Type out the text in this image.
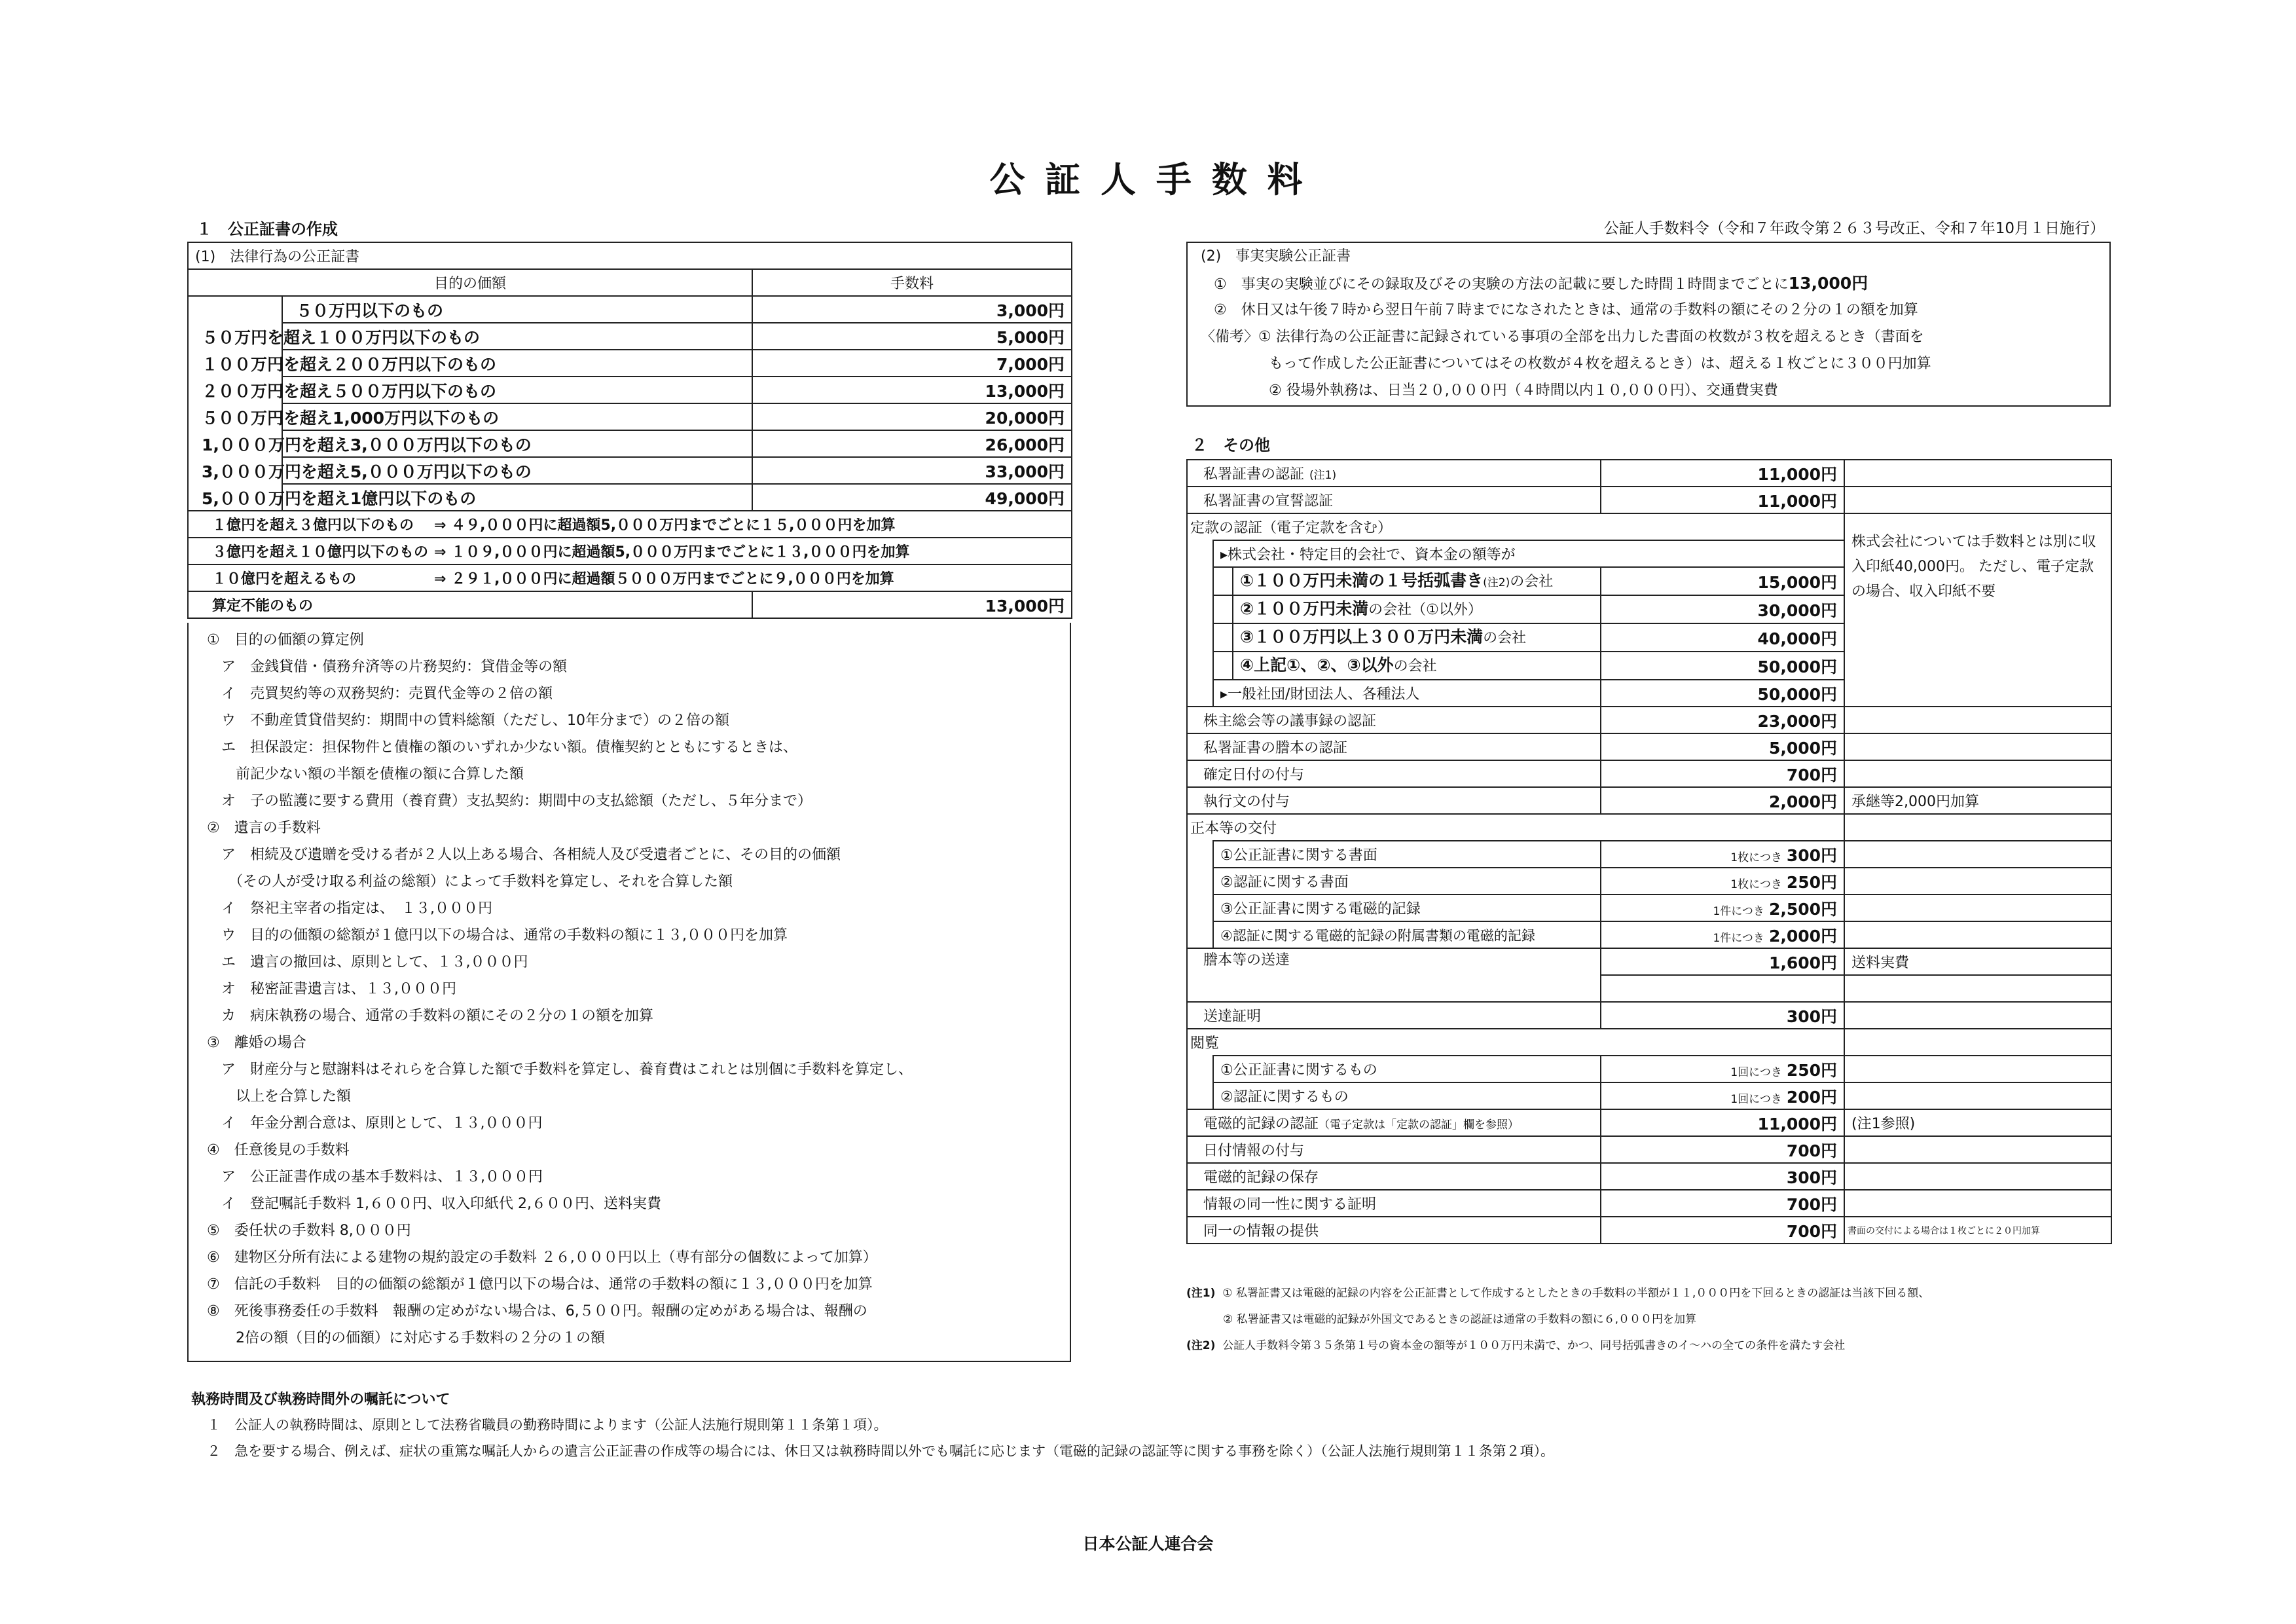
公 証 人 手 数 料
１　公正証書の作成	公証人手数料令（令和７年政令第２６３号改正、令和７年10月１日施行）
(1)　法律行為の公正証書
目的の価額	手数料
	５０万円以下のもの	3,000円
	５０万円を超え１００万円以下のもの	5,000円
	１００万円を超え２００万円以下のもの	7,000円
	２００万円を超え５００万円以下のもの	13,000円
	５００万円を超え1,000万円以下のもの	20,000円
	1,０００万円を超え3,０００万円以下のもの	26,000円
	3,０００万円を超え5,０００万円以下のもの	33,000円
	5,０００万円を超え1億円以下のもの	49,000円
１億円を超え３億円以下のもの ⇒ ４９,０００円に超過額5,０００万円までごとに１５,０００円を加算
３億円を超え１０億円以下のもの ⇒ １０９,０００円に超過額5,０００万円までごとに１３,０００円を加算
１０億円を超えるもの	⇒ ２９１,０００円に超過額５０００万円までごとに９,０００円を加算
算定不能のもの	13,000円
①　目的の価額の算定例
　ア　金銭貸借・債務弁済等の片務契約：貸借金等の額
　イ　売買契約等の双務契約：売買代金等の２倍の額
　ウ　不動産賃貸借契約：期間中の賃料総額（ただし、10年分まで）の２倍の額
　エ　担保設定：担保物件と債権の額のいずれか少ない額。債権契約とともにするときは、
　　前記少ない額の半額を債権の額に合算した額
　オ　子の監護に要する費用（養育費）支払契約：期間中の支払総額（ただし、５年分まで）
②　遺言の手数料
　ア　相続及び遺贈を受ける者が２人以上ある場合、各相続人及び受遺者ごとに、その目的の価額
　　（その人が受け取る利益の総額）によって手数料を算定し、それを合算した額
　イ　祭祀主宰者の指定は、　１３,０００円
　ウ　目的の価額の総額が１億円以下の場合は、通常の手数料の額に１３,０００円を加算
　エ　遺言の撤回は、原則として、１３,０００円
　オ　秘密証書遺言は、１３,０００円
　カ　病床執務の場合、通常の手数料の額にその２分の１の額を加算
③　離婚の場合
　ア　財産分与と慰謝料はそれらを合算した額で手数料を算定し、養育費はこれとは別個に手数料を算定し、
　　以上を合算した額
　イ　年金分割合意は、原則として、１３,０００円
④　任意後見の手数料
　ア　公正証書作成の基本手数料は、１３,０００円
　イ　登記嘱託手数料 1,６００円、収入印紙代 2,６００円、送料実費
⑤　委任状の手数料 8,０００円
⑥　建物区分所有法による建物の規約設定の手数料 ２６,０００円以上（専有部分の個数によって加算）
⑦　信託の手数料　目的の価額の総額が１億円以下の場合は、通常の手数料の額に１３,０００円を加算
⑧　死後事務委任の手数料　報酬の定めがない場合は、6,５００円。報酬の定めがある場合は、報酬の
　　2倍の額（目的の価額）に対応する手数料の２分の１の額
(2)　事実実験公正証書
①　事実の実験並びにその録取及びその実験の方法の記載に要した時間１時間までごとに13,000円
②　休日又は午後７時から翌日午前７時までになされたときは、通常の手数料の額にその２分の１の額を加算
〈備考〉① 法律行為の公正証書に記録されている事項の全部を出力した書面の枚数が３枚を超えるとき（書面を
もって作成した公正証書についてはその枚数が４枚を超えるとき）は、超える１枚ごとに３００円加算
② 役場外執務は、日当２０,０００円（４時間以内１０,０００円）、交通費実費
２　その他
私署証書の認証 (注1)		11,000円	
私署証書の宣誓認証		11,000円	
定款の認証（電子定款を含む）			株式会社については手数料とは別に収入印紙40,000円。 ただし、電子定款の場合、収入印紙不要
	▸株式会社・特定目的会社で、資本金の額等が		
	①１００万円未満の１号括弧書き(注2)の会社	15,000円	
	②１００万円未満の会社（①以外）	30,000円	
	③１００万円以上３００万円未満の会社	40,000円	
	④上記①、②、③以外の会社	50,000円	
	▸一般社団/財団法人、各種法人	50,000円	
株主総会等の議事録の認証		23,000円	
私署証書の謄本の認証		5,000円	
確定日付の付与		700円	
執行文の付与		2,000円	承継等2,000円加算
正本等の交付			
	①公正証書に関する書面	1枚につき 300円	
	②認証に関する書面	1枚につき 250円	
	③公正証書に関する電磁的記録	1件につき 2,500円	
	④認証に関する電磁的記録の附属書類の電磁的記録	1件につき 2,000円	
謄本等の送達		1,600円	送料実費

送達証明		300円	
閲覧			
	①公正証書に関するもの	1回につき 250円	
	②認証に関するもの	1回につき 200円	
電磁的記録の認証（電子定款は「定款の認証」欄を参照）		11,000円	(注1参照)
日付情報の付与		700円	
電磁的記録の保存		300円	
情報の同一性に関する証明		700円	
同一の情報の提供		700円	書面の交付による場合は１枚ごとに２０円加算
(注1) ① 私署証書又は電磁的記録の内容を公正証書として作成するとしたときの手数料の半額が１１,０００円を下回るときの認証は当該下回る額、
② 私署証書又は電磁的記録が外国文であるときの認証は通常の手数料の額に６,０００円を加算
(注2) 公証人手数料令第３５条第１号の資本金の額等が１００万円未満で、かつ、同号括弧書きのイ～ハの全ての条件を満たす会社
執務時間及び執務時間外の嘱託について
１　公証人の執務時間は、原則として法務省職員の勤務時間によります（公証人法施行規則第１１条第１項）。
２　急を要する場合、例えば、症状の重篤な嘱託人からの遺言公正証書の作成等の場合には、休日又は執務時間以外でも嘱託に応じます（電磁的記録の認証等に関する事務を除く）（公証人法施行規則第１１条第２項）。
日本公証人連合会
